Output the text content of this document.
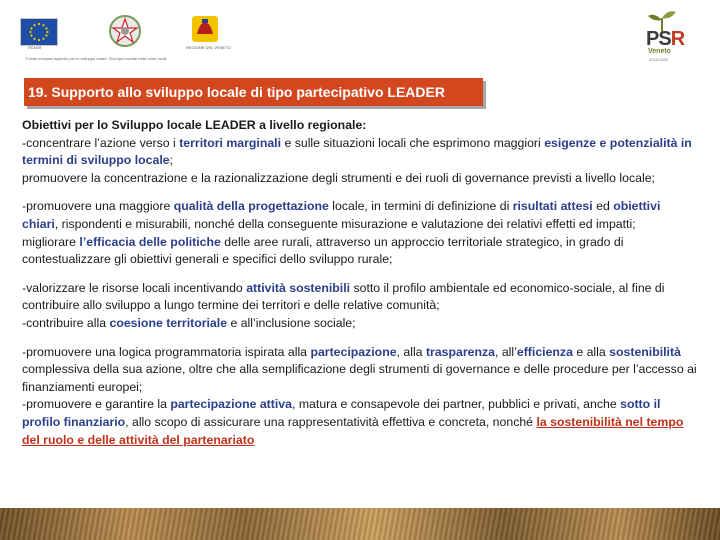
FEASR	REGIONE DEL VENETO
Fondo europeo agricolo per lo sviluppo rurale: l'Europa investe nelle zone rurali
PSR
Veneto
2014-2020
19. Supporto allo sviluppo locale di tipo partecipativo LEADER

Obiettivi per lo Sviluppo locale LEADER a livello regionale:

-concentrare l’azione verso i territori marginali e sulle situazioni locali che esprimono maggiori esigenze e potenzialità in termini di sviluppo locale;

promuovere la concentrazione e la razionalizzazione degli strumenti e dei ruoli di governance previsti a livello locale;

-promuovere una maggiore qualità della progettazione locale, in termini di definizione di risultati attesi ed obiettivi chiari, rispondenti e misurabili, nonché della conseguente misurazione e valutazione dei relativi effetti ed impatti;

migliorare l’efficacia delle politiche delle aree rurali, attraverso un approccio territoriale strategico, in grado di contestualizzare gli obiettivi generali e specifici dello sviluppo rurale;

-valorizzare le risorse locali incentivando attività sostenibili sotto il profilo ambientale ed economico-sociale, al fine di contribuire allo sviluppo a lungo termine dei territori e delle relative comunità;

-contribuire alla coesione territoriale e all’inclusione sociale;

-promuovere una logica programmatoria ispirata alla partecipazione, alla trasparenza, all’efficienza e alla sostenibilità complessiva della sua azione, oltre che alla semplificazione degli strumenti di governance e delle procedure per l’accesso ai finanziamenti europei;

-promuovere e garantire la partecipazione attiva, matura e consapevole dei partner, pubblici e privati, anche sotto il profilo finanziario, allo scopo di assicurare una rappresentatività effettiva e concreta, nonché la sostenibilità nel tempo del ruolo e delle attività del partenariato
